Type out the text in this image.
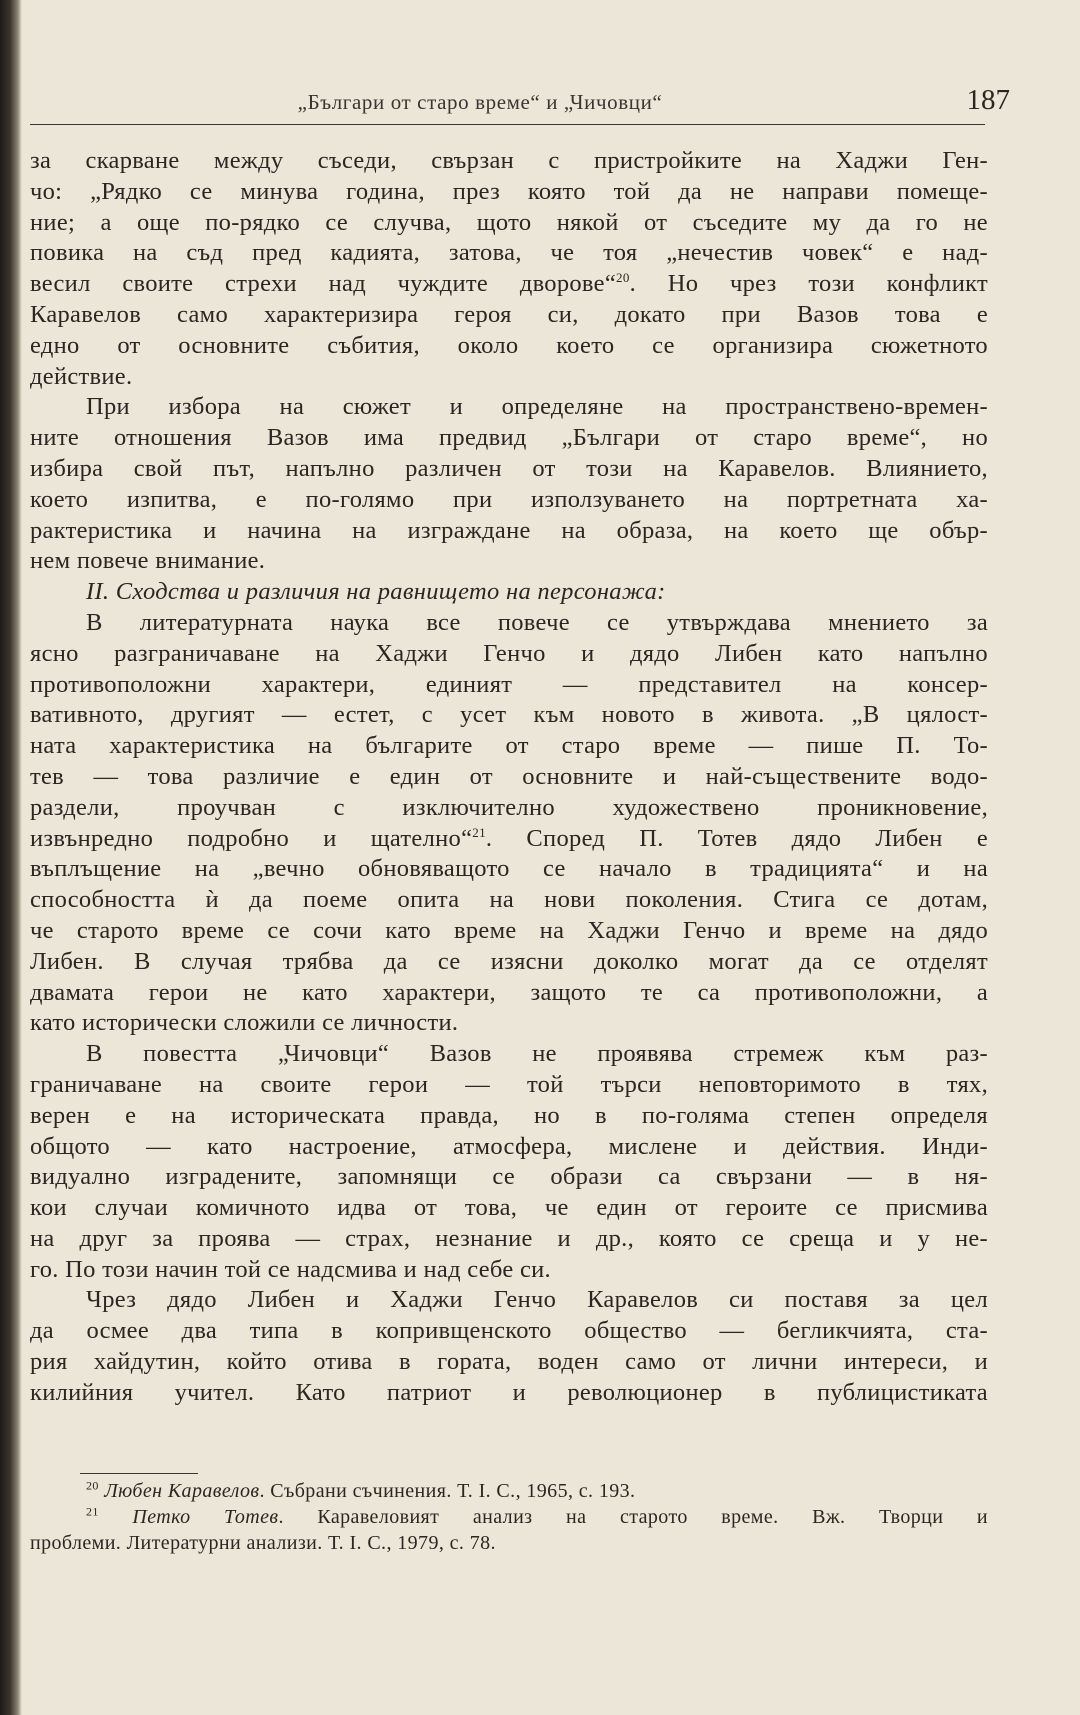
„Българи от старо време“ и „Чичовци“	187
за скарване между съседи, свързан с пристройките на Хаджи Ген-
чо: „Рядко се минува година, през която той да не направи помеще-
ние; а още по-рядко се случва, щото някой от съседите му да го не
повика на съд пред кадията, затова, че тоя „нечестив човек“ е над-
весил своите стрехи над чуждите дворове“$^{20}$. Но чрез този конфликт
Каравелов само характеризира героя си, докато при Вазов това е
едно от основните събития, около което се организира сюжетното
действие.
При избора на сюжет и определяне на пространствено-времен-
ните отношения Вазов има предвид „Българи от старо време“, но
избира свой път, напълно различен от този на Каравелов. Влиянието,
което изпитва, е по-голямо при използуването на портретната ха-
рактеристика и начина на изграждане на образа, на което ще обър-
нем повече внимание.
II. Сходства и различия на равнището на персонажа:
В литературната наука все повече се утвърждава мнението за
ясно разграничаване на Хаджи Генчо и дядо Либен като напълно
противоположни характери, единият — представител на консер-
вативното, другият — естет, с усет към новото в живота. „В цялост-
ната характеристика на българите от старо време — пише П. То-
тев — това различие е един от основните и най-съществените водо-
раздели, проучван с изключително художествено проникновение,
извънредно подробно и щателно“$^{21}$. Според П. Тотев дядо Либен е
въплъщение на „вечно обновяващото се начало в традицията“ и на
способността ѝ да поеме опита на нови поколения. Стига се дотам,
че старото време се сочи като време на Хаджи Генчо и време на дядо
Либен. В случая трябва да се изясни доколко могат да се отделят
двамата герои не като характери, защото те са противоположни, а
като исторически сложили се личности.
В повестта „Чичовци“ Вазов не проявява стремеж към раз-
граничаване на своите герои — той търси неповторимото в тях,
верен е на историческата правда, но в по-голяма степен определя
общото — като настроение, атмосфера, мислене и действия. Инди-
видуално изградените, запомнящи се образи са свързани — в ня-
кои случаи комичното идва от това, че един от героите се присмива
на друг за проява — страх, незнание и др., която се среща и у не-
го. По този начин той се надсмива и над себе си.
Чрез дядо Либен и Хаджи Генчо Каравелов си поставя за цел
да осмее два типа в копривщенското общество — бегликчията, ста-
рия хайдутин, който отива в гората, воден само от лични интереси, и
килийния учител. Като патриот и революционер в публицистиката
$^{20}$ Любен Каравелов. Събрани съчинения. Т. I. С., 1965, с. 193.
$^{21}$ Петко Тотев. Каравеловият анализ на старото време. Вж. Творци и
проблеми. Литературни анализи. Т. I. С., 1979, с. 78.
